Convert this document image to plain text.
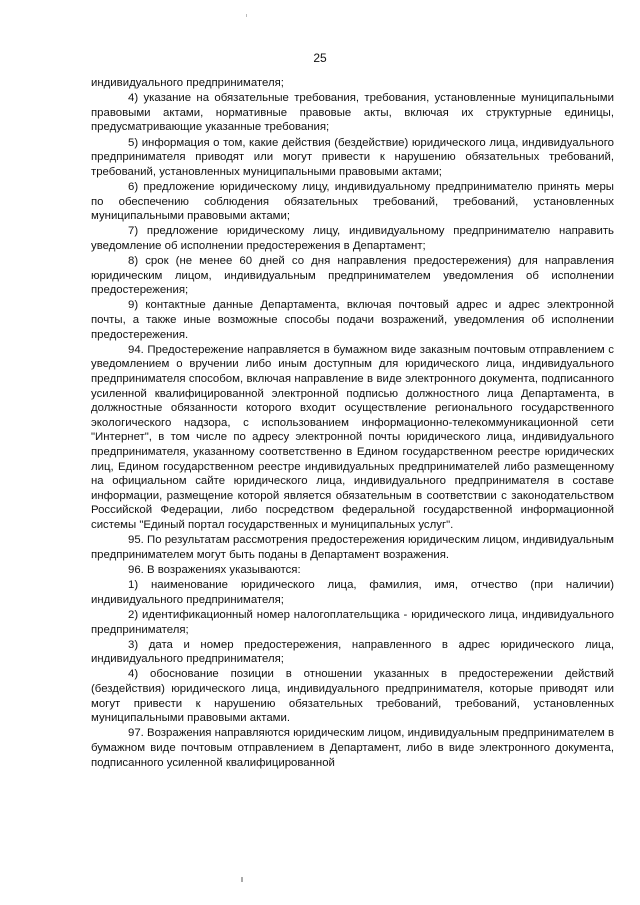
25

индивидуального предпринимателя;

4) указание на обязательные требования, требования, установленные муниципальными правовыми актами, нормативные правовые акты, включая их структурные единицы, предусматривающие указанные требования;

5) информация о том, какие действия (бездействие) юридического лица, индивидуального предпринимателя приводят или могут привести к нарушению обязательных требований, требований, установленных муниципальными правовыми актами;

6) предложение юридическому лицу, индивидуальному предпринимателю принять меры по обеспечению соблюдения обязательных требований, требований, установленных муниципальными правовыми актами;

7) предложение юридическому лицу, индивидуальному предпринимателю направить уведомление об исполнении предостережения в Департамент;

8) срок (не менее 60 дней со дня направления предостережения) для направления юридическим лицом, индивидуальным предпринимателем уведомления об исполнении предостережения;

9) контактные данные Департамента, включая почтовый адрес и адрес электронной почты, а также иные возможные способы подачи возражений, уведомления об исполнении предостережения.

94. Предостережение направляется в бумажном виде заказным почтовым отправлением с уведомлением о вручении либо иным доступным для юридического лица, индивидуального предпринимателя способом, включая направление в виде электронного документа, подписанного усиленной квалифицированной электронной подписью должностного лица Департамента, в должностные обязанности которого входит осуществление регионального государственного экологического надзора, с использованием информационно-телекоммуникационной сети "Интернет", в том числе по адресу электронной почты юридического лица, индивидуального предпринимателя, указанному соответственно в Едином государственном реестре юридических лиц, Едином государственном реестре индивидуальных предпринимателей либо размещенному на официальном сайте юридического лица, индивидуального предпринимателя в составе информации, размещение которой является обязательным в соответствии с законодательством Российской Федерации, либо посредством федеральной государственной информационной системы "Единый портал государственных и муниципальных услуг".

95. По результатам рассмотрения предостережения юридическим лицом, индивидуальным предпринимателем могут быть поданы в Департамент возражения.

96. В возражениях указываются:

1) наименование юридического лица, фамилия, имя, отчество (при наличии) индивидуального предпринимателя;

2) идентификационный номер налогоплательщика - юридического лица, индивидуального предпринимателя;

3) дата и номер предостережения, направленного в адрес юридического лица, индивидуального предпринимателя;

4) обоснование позиции в отношении указанных в предостережении действий (бездействия) юридического лица, индивидуального предпринимателя, которые приводят или могут привести к нарушению обязательных требований, требований, установленных муниципальными правовыми актами.

97. Возражения направляются юридическим лицом, индивидуальным предпринимателем в бумажном виде почтовым отправлением в Департамент, либо в виде электронного документа, подписанного усиленной квалифицированной
